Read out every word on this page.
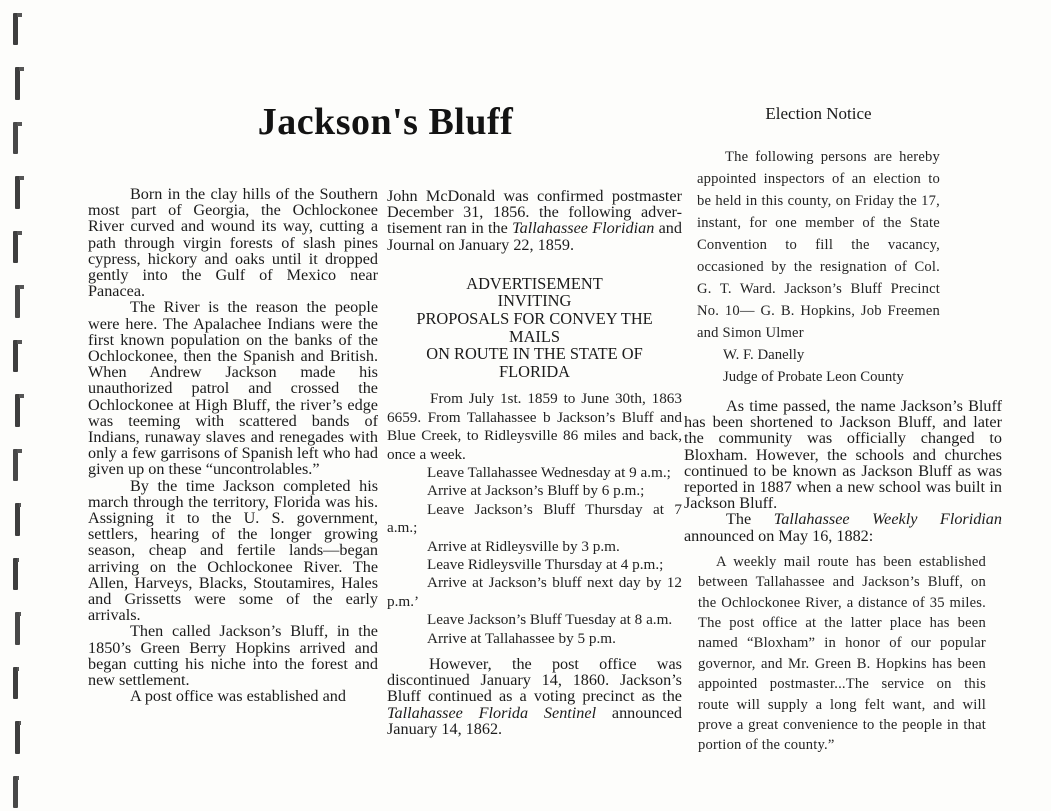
Jackson's Bluff

Born in the clay hills of the Southern most part of Georgia, the Ochlockonee River curved and wound its way, cutting a path through virgin forests of slash pines cypress, hickory and oaks until it dropped gently into the Gulf of Mexico near Panacea.

The River is the reason the people were here. The Apalachee Indians were the first known population on the banks of the Ochlockonee, then the Spanish and British. When Andrew Jackson made his unauthorized patrol and crossed the Ochlockonee at High Bluff, the river’s edge was teeming with scattered bands of Indians, runaway slaves and renegades with only a few garrisons of Spanish left who had given up on these “uncontrolables.”

By the time Jackson completed his march through the territory, Florida was his. Assigning it to the U. S. government, settlers, hearing of the longer growing season, cheap and fertile lands—began arriving on the Ochlockonee River. The Allen, Harveys, Blacks, Stoutamires, Hales and Grissetts were some of the early arrivals.

Then called Jackson’s Bluff, in the 1850’s Green Berry Hopkins arrived and began cutting his niche into the forest and new settlement.

A post office was established and

John McDonald was confirmed postmaster December 31, 1856. the following adver-tisement ran in the Tallahassee Floridian and Journal on January 22, 1859.

ADVERTISEMENT
INVITING
PROPOSALS FOR CONVEY THE
MAILS
ON ROUTE IN THE STATE OF
FLORIDA

From July 1st. 1859 to June 30th, 1863 6659. From Tallahassee b Jackson’s Bluff and Blue Creek, to Ridleysville 86 miles and back, once a week.

Leave Tallahassee Wednesday at 9 a.m.;

Arrive at Jackson’s Bluff by 6 p.m.;

Leave Jackson’s Bluff Thursday at 7 a.m.;

Arrive at Ridleysville by 3 p.m.

Leave Ridleysville Thursday at 4 p.m.;

Arrive at Jackson’s bluff next day by 12 p.m.’

Leave Jackson’s Bluff Tuesday at 8 a.m.

Arrive at Tallahassee by 5 p.m.

However, the post office was discontinued January 14, 1860. Jackson’s Bluff continued as a voting precinct as the Tallahassee Florida Sentinel announced January 14, 1862.

Election Notice

The following persons are hereby appointed inspectors of an election to be held in this county, on Friday the 17, instant, for one member of the State Convention to fill the vacancy, occasioned by the resignation of Col. G. T. Ward. Jackson’s Bluff Precinct No. 10— G. B. Hopkins, Job Freemen and Simon Ulmer

W. F. Danelly

Judge of Probate Leon County

As time passed, the name Jackson’s Bluff has been shortened to Jackson Bluff, and later the community was officially changed to Bloxham. However, the schools and churches continued to be known as Jackson Bluff as was reported in 1887 when a new school was built in Jackson Bluff.

The Tallahassee Weekly Floridian announced on May 16, 1882:

A weekly mail route has been established between Tallahassee and Jackson’s Bluff, on the Ochlockonee River, a distance of 35 miles. The post office at the latter place has been named “Bloxham” in honor of our popular governor, and Mr. Green B. Hopkins has been appointed postmaster...The service on this route will supply a long felt want, and will prove a great convenience to the people in that portion of the county.”
